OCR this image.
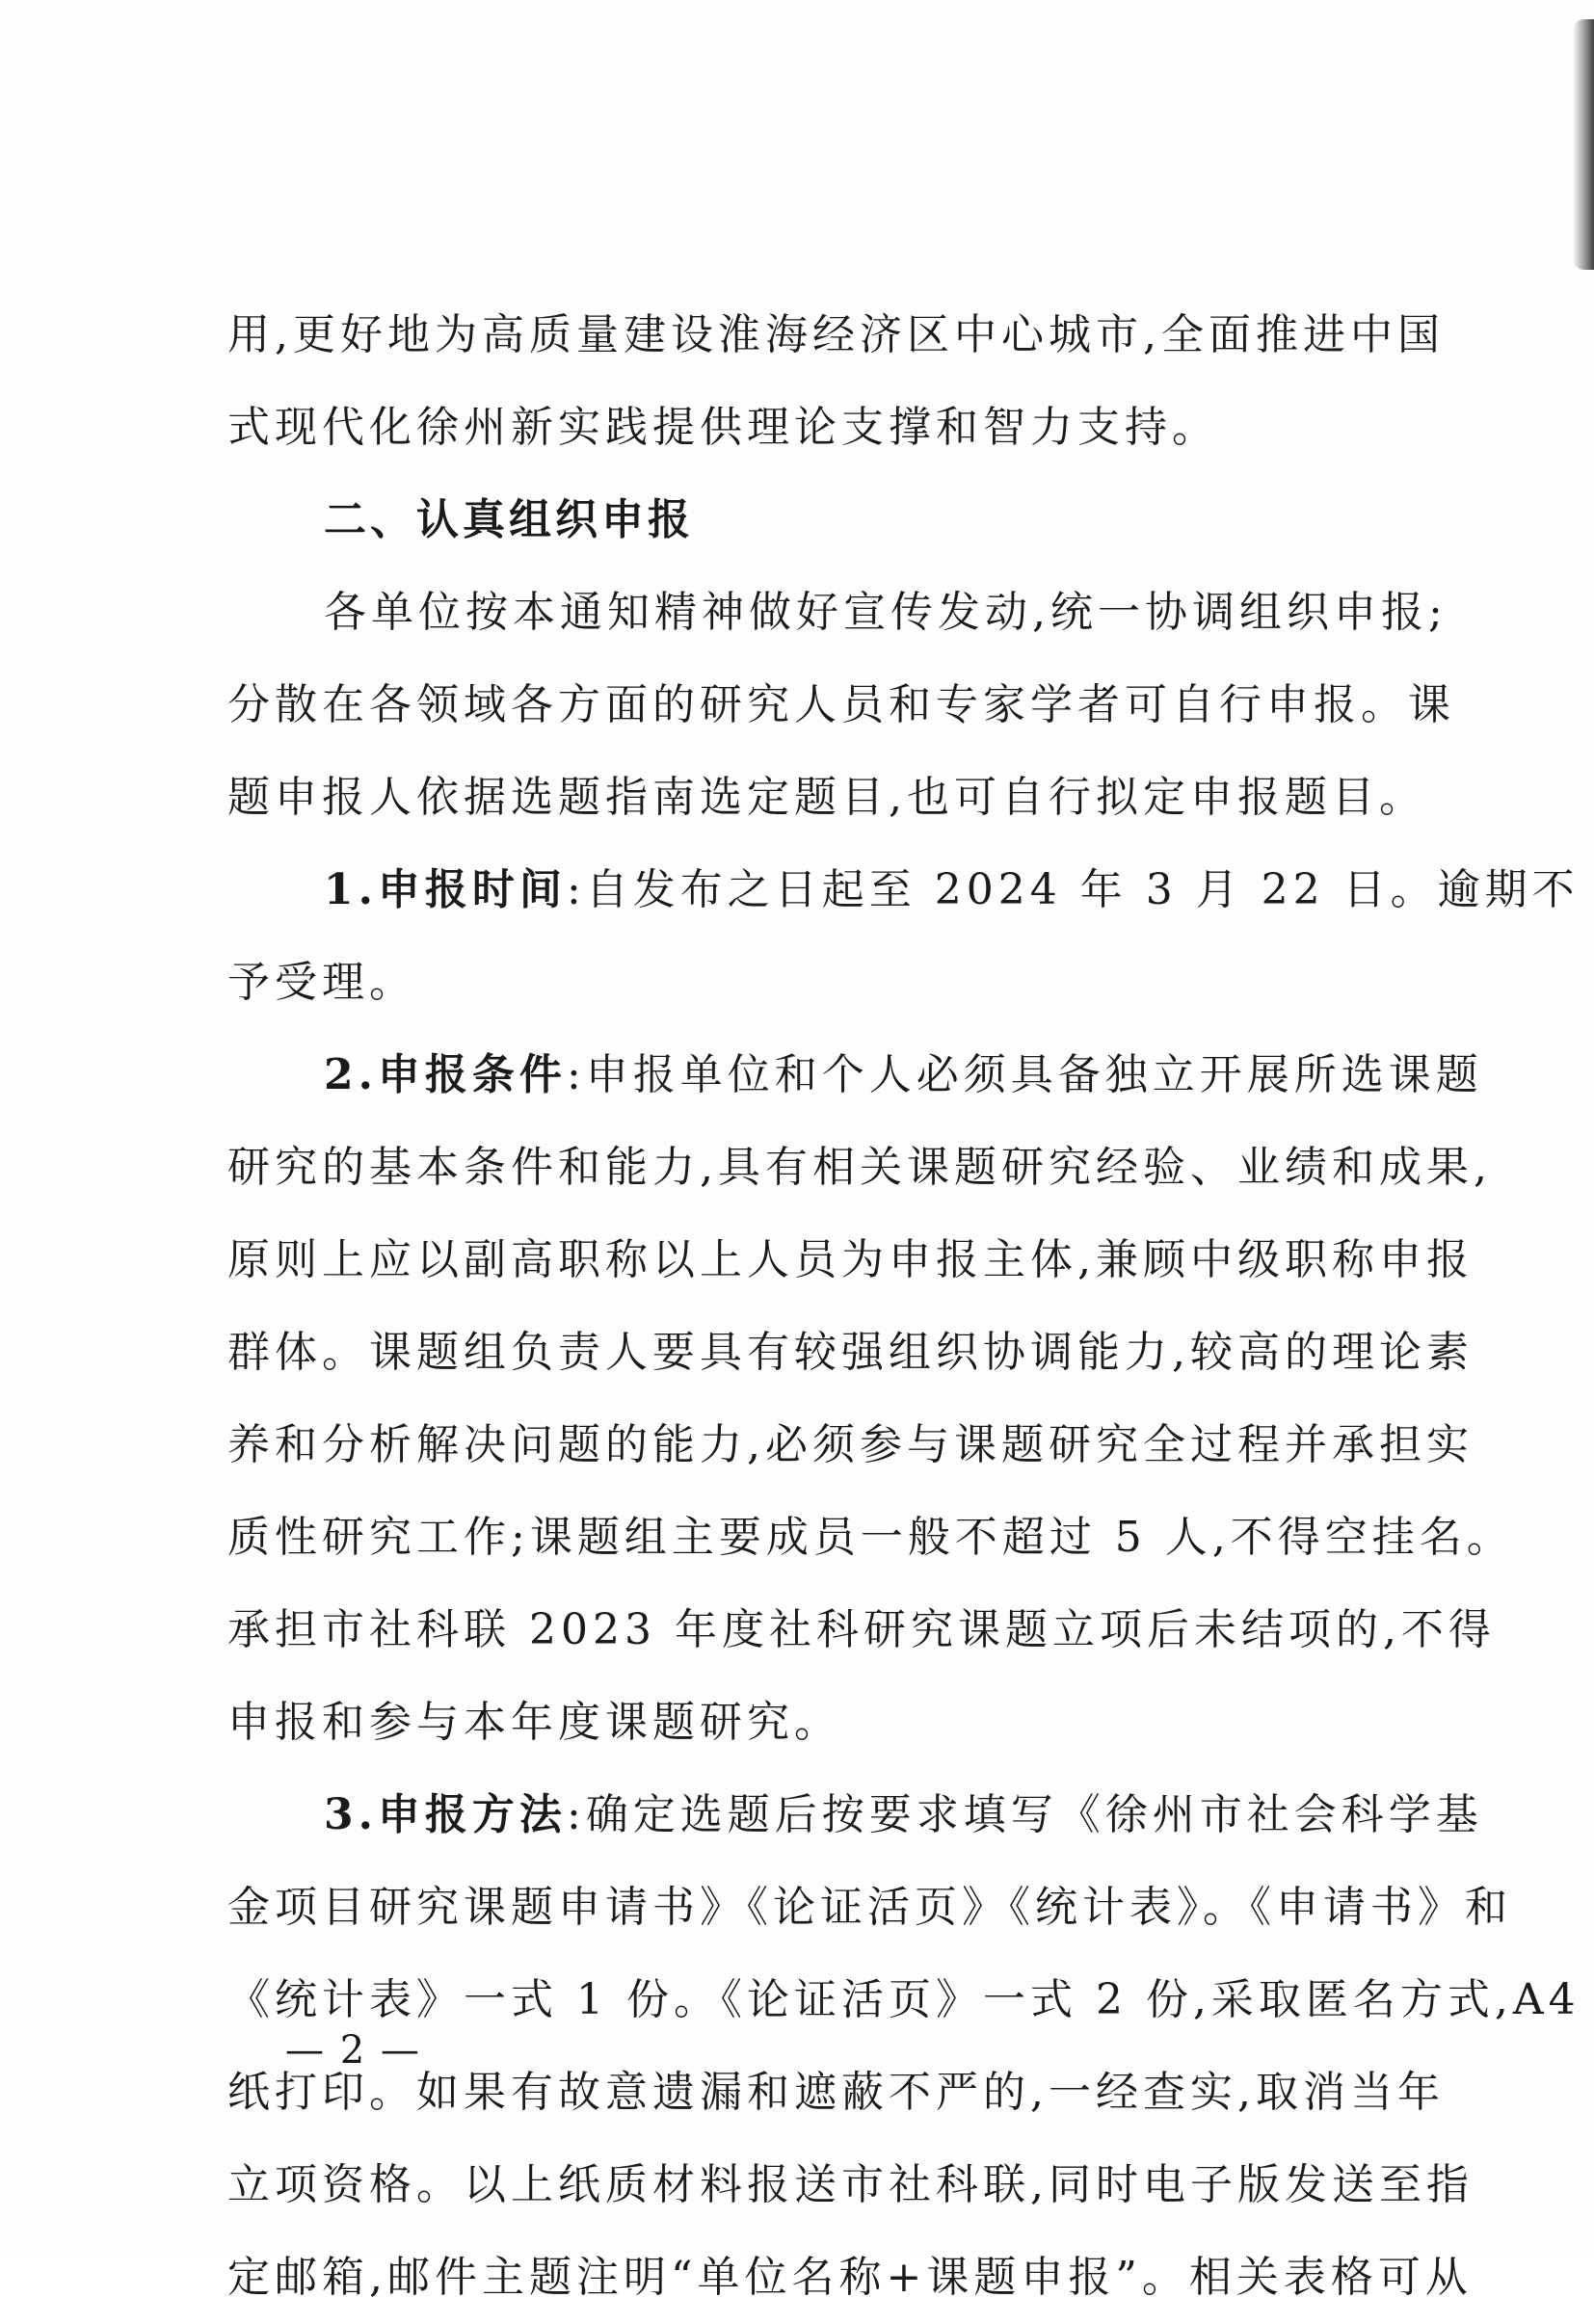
用,更好地为高质量建设淮海经济区中心城市,全面推进中国
式现代化徐州新实践提供理论支撑和智力支持。
二、认真组织申报
各单位按本通知精神做好宣传发动,统一协调组织申报;
分散在各领域各方面的研究人员和专家学者可自行申报。课
题申报人依据选题指南选定题目,也可自行拟定申报题目。
1.申报时间:自发布之日起至 2024 年 3 月 22 日。逾期不
予受理。
2.申报条件:申报单位和个人必须具备独立开展所选课题
研究的基本条件和能力,具有相关课题研究经验、业绩和成果,
原则上应以副高职称以上人员为申报主体,兼顾中级职称申报
群体。课题组负责人要具有较强组织协调能力,较高的理论素
养和分析解决问题的能力,必须参与课题研究全过程并承担实
质性研究工作;课题组主要成员一般不超过 5 人,不得空挂名。
承担市社科联 2023 年度社科研究课题立项后未结项的,不得
申报和参与本年度课题研究。
3.申报方法:确定选题后按要求填写《徐州市社会科学基
金项目研究课题申请书》《论证活页》《统计表》。《申请书》和
《统计表》一式 1 份。《论证活页》一式 2 份,采取匿名方式,A4
纸打印。如果有故意遗漏和遮蔽不严的,一经查实,取消当年
立项资格。以上纸质材料报送市社科联,同时电子版发送至指
定邮箱,邮件主题注明“单位名称+课题申报”。相关表格可从
— 2 —
